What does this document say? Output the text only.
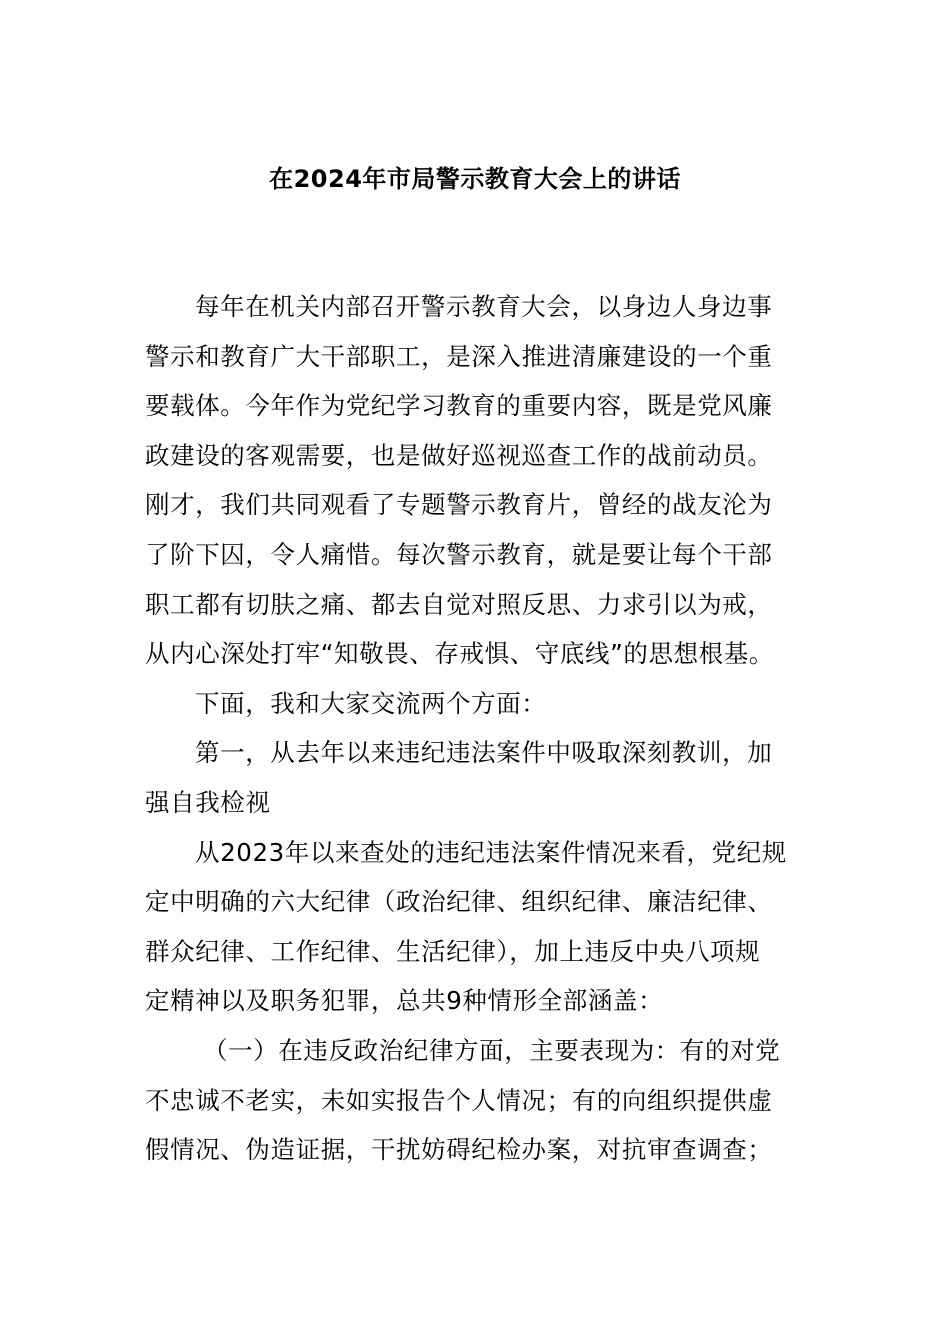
在2024年市局警示教育大会上的讲话
每年在机关内部召开警示教育大会，以身边人身边事
警示和教育广大干部职工，是深入推进清廉建设的一个重
要载体。今年作为党纪学习教育的重要内容，既是党风廉
政建设的客观需要，也是做好巡视巡查工作的战前动员。
刚才，我们共同观看了专题警示教育片，曾经的战友沦为
了阶下囚，令人痛惜。每次警示教育，就是要让每个干部
职工都有切肤之痛、都去自觉对照反思、力求引以为戒，
从内心深处打牢“知敬畏、存戒惧、守底线”的思想根基。
下面，我和大家交流两个方面：
第一，从去年以来违纪违法案件中吸取深刻教训，加
强自我检视
从2023年以来查处的违纪违法案件情况来看，党纪规
定中明确的六大纪律（政治纪律、组织纪律、廉洁纪律、
群众纪律、工作纪律、生活纪律），加上违反中央八项规
定精神以及职务犯罪，总共9种情形全部涵盖：
（一）在违反政治纪律方面，主要表现为：有的对党
不忠诚不老实，未如实报告个人情况；有的向组织提供虚
假情况、伪造证据，干扰妨碍纪检办案，对抗审查调查；
